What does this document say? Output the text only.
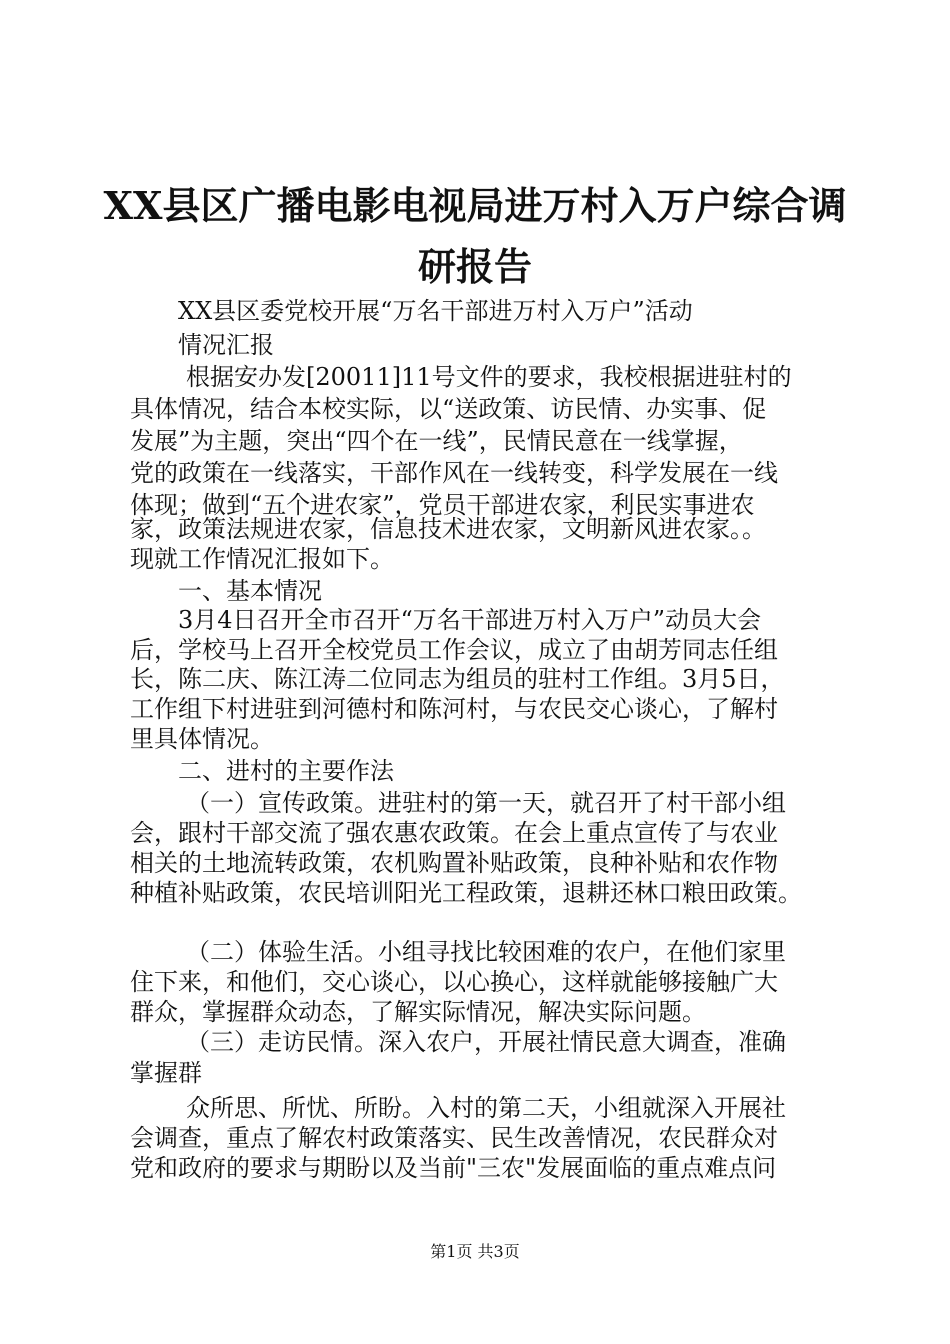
XX县区广播电影电视局进万村入万户综合调
研报告
XX县区委党校开展“万名干部进万村入万户”活动
情况汇报
根据安办发[20011]11号文件的要求，我校根据进驻村的
具体情况，结合本校实际，以“送政策、访民情、办实事、促
发展”为主题，突出“四个在一线”，民情民意在一线掌握，
党的政策在一线落实，干部作风在一线转变，科学发展在一线
体现；做到“五个进农家”，党员干部进农家，利民实事进农
家，政策法规进农家，信息技术进农家，文明新风进农家。。
现就工作情况汇报如下。
一、基本情况
3月4日召开全市召开“万名干部进万村入万户”动员大会
后，学校马上召开全校党员工作会议，成立了由胡芳同志任组
长，陈二庆、陈江涛二位同志为组员的驻村工作组。3月5日，
工作组下村进驻到河德村和陈河村，与农民交心谈心，了解村
里具体情况。
二、进村的主要作法
（一）宣传政策。进驻村的第一天，就召开了村干部小组
会，跟村干部交流了强农惠农政策。在会上重点宣传了与农业
相关的土地流转政策，农机购置补贴政策，良种补贴和农作物
种植补贴政策，农民培训阳光工程政策，退耕还林口粮田政策。
（二）体验生活。小组寻找比较困难的农户，在他们家里
住下来，和他们，交心谈心，以心换心，这样就能够接触广大
群众，掌握群众动态，了解实际情况，解决实际问题。
（三）走访民情。深入农户，开展社情民意大调查，准确
掌握群
众所思、所忧、所盼。入村的第二天，小组就深入开展社
会调查，重点了解农村政策落实、民生改善情况，农民群众对
党和政府的要求与期盼以及当前"三农"发展面临的重点难点问
第1页 共3页
